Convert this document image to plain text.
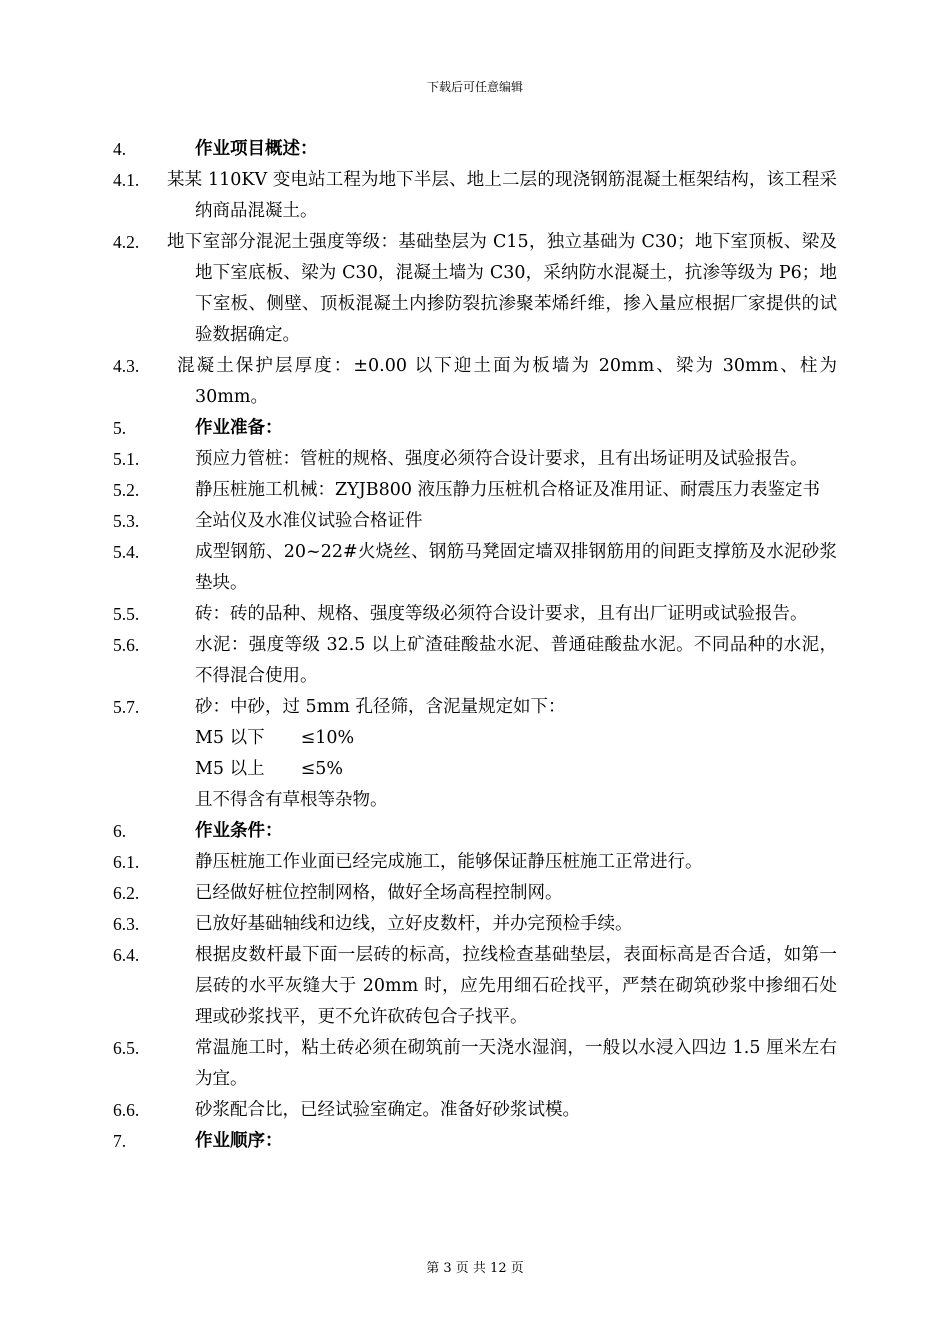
下载后可任意编辑
4.	作业项目概述：
4.1. 某某 110KV 变电站工程为地下半层、地上二层的现浇钢筋混凝土框架结构，该工程采纳商品混凝土。
4.2. 地下室部分混泥土强度等级：基础垫层为 C15，独立基础为 C30；地下室顶板、梁及地下室底板、梁为 C30，混凝土墙为 C30，采纳防水混凝土，抗渗等级为 P6；地下室板、侧壁、顶板混凝土内掺防裂抗渗聚苯烯纤维，掺入量应根据厂家提供的试验数据确定。
4.3. 混凝土保护层厚度：±0.00 以下迎土面为板墙为 20mm、梁为 30mm、柱为 30mm。
5.	作业准备：
5.1.	预应力管桩：管桩的规格、强度必须符合设计要求，且有出场证明及试验报告。
5.2.	静压桩施工机械：ZYJB800 液压静力压桩机合格证及准用证、耐震压力表鉴定书
5.3.	全站仪及水准仪试验合格证件
5.4.	成型钢筋、20~22#火烧丝、钢筋马凳固定墙双排钢筋用的间距支撑筋及水泥砂浆垫块。
5.5.	砖：砖的品种、规格、强度等级必须符合设计要求，且有出厂证明或试验报告。
5.6.	水泥：强度等级 32.5 以上矿渣硅酸盐水泥、普通硅酸盐水泥。不同品种的水泥，不得混合使用。
5.7.	砂：中砂，过 5mm 孔径筛，含泥量规定如下：
M5 以下 ≤10%
M5 以上 ≤5%
且不得含有草根等杂物。
6.	作业条件：
6.1.	静压桩施工作业面已经完成施工，能够保证静压桩施工正常进行。
6.2.	已经做好桩位控制网格，做好全场高程控制网。
6.3.	已放好基础轴线和边线，立好皮数杆，并办完预检手续。
6.4.	根据皮数杆最下面一层砖的标高，拉线检查基础垫层，表面标高是否合适，如第一层砖的水平灰缝大于 20mm 时，应先用细石砼找平，严禁在砌筑砂浆中掺细石处理或砂浆找平，更不允许砍砖包合子找平。
6.5.	常温施工时，粘土砖必须在砌筑前一天浇水湿润，一般以水浸入四边 1.5 厘米左右为宜。
6.6.	砂浆配合比，已经试验室确定。准备好砂浆试模。
7.	作业顺序：
第 3 页 共 12 页
